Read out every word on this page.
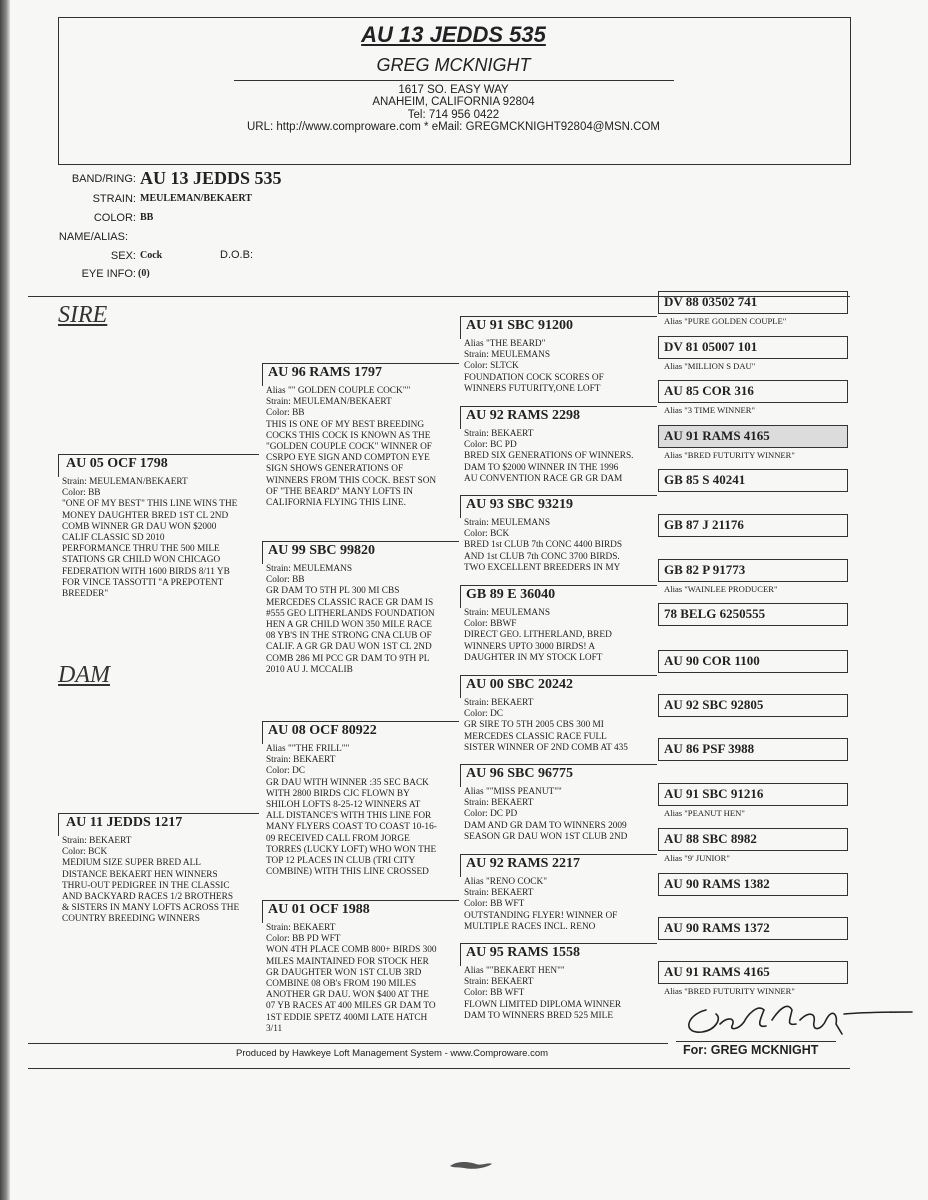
AU 13 JEDDS 535
GREG MCKNIGHT
1617 SO. EASY WAY
ANAHEIM, CALIFORNIA 92804
Tel: 714 956 0422
URL: http://www.comproware.com * eMail: GREGMCKNIGHT92804@MSN.COM
BAND/RING: AU 13 JEDDS 535
STRAIN: MEULEMAN/BEKAERT
COLOR: BB
NAME/ALIAS:
SEX: Cock	D.O.B:
EYE INFO: (0)
SIRE
DAM
AU 05 OCF 1798
Strain: MEULEMAN/BEKAERT
Color: BB
"ONE OF MY BEST" THIS LINE WINS THE
MONEY DAUGHTER BRED 1ST CL 2ND
COMB WINNER GR DAU WON $2000
CALIF CLASSIC SD 2010
PERFORMANCE THRU THE 500 MILE
STATIONS GR CHILD WON CHICAGO
FEDERATION WITH 1600 BIRDS 8/11 YB
FOR VINCE TASSOTTI "A PREPOTENT
BREEDER"
AU 11 JEDDS 1217
Strain: BEKAERT
Color: BCK
MEDIUM SIZE SUPER BRED ALL
DISTANCE BEKAERT HEN WINNERS
THRU-OUT PEDIGREE IN THE CLASSIC
AND BACKYARD RACES 1/2 BROTHERS
& SISTERS IN MANY LOFTS ACROSS THE
COUNTRY BREEDING WINNERS
AU 96 RAMS 1797
Alias "" GOLDEN COUPLE COCK""
Strain: MEULEMAN/BEKAERT
Color: BB
THIS IS ONE OF MY BEST BREEDING
COCKS THIS COCK IS KNOWN AS THE
"GOLDEN COUPLE COCK" WINNER OF
CSRPO EYE SIGN AND COMPTON EYE
SIGN SHOWS GENERATIONS OF
WINNERS FROM THIS COCK. BEST SON
OF "THE BEARD" MANY LOFTS IN
CALIFORNIA FLYING THIS LINE.
AU 99 SBC 99820
Strain: MEULEMANS
Color: BB
GR DAM TO 5TH PL 300 MI CBS
MERCEDES CLASSIC RACE GR DAM IS
#555 GEO LITHERLANDS FOUNDATION
HEN A GR CHILD WON 350 MILE RACE
08 YB'S IN THE STRONG CNA CLUB OF
CALIF. A GR GR DAU WON 1ST CL 2ND
COMB 286 MI PCC GR DAM TO 9TH PL
2010 AU J. MCCALIB
AU 08 OCF 80922
Alias ""THE FRILL""
Strain: BEKAERT
Color: DC
GR DAU WITH WINNER :35 SEC BACK
WITH 2800 BIRDS CJC FLOWN BY
SHILOH LOFTS 8-25-12 WINNERS AT
ALL DISTANCE'S WITH THIS LINE FOR
MANY FLYERS COAST TO COAST 10-16-
09 RECEIVED CALL FROM JORGE
TORRES (LUCKY LOFT) WHO WON THE
TOP 12 PLACES IN CLUB (TRI CITY
COMBINE) WITH THIS LINE CROSSED
AU 01 OCF 1988
Strain: BEKAERT
Color: BB PD WFT
WON 4TH PLACE COMB 800+ BIRDS 300
MILES MAINTAINED FOR STOCK HER
GR DAUGHTER WON 1ST CLUB 3RD
COMBINE 08 OB's FROM 190 MILES
ANOTHER GR DAU. WON $400 AT THE
07 YB RACES AT 400 MILES GR DAM TO
1ST EDDIE SPETZ 400MI LATE HATCH
3/11
AU 91 SBC 91200
Alias "THE BEARD"
Strain: MEULEMANS
Color: SLTCK
FOUNDATION COCK SCORES OF
WINNERS FUTURITY,ONE LOFT
AU 92 RAMS 2298
Strain: BEKAERT
Color: BC PD
BRED SIX GENERATIONS OF WINNERS.
DAM TO $2000 WINNER IN THE 1996
AU CONVENTION RACE GR GR DAM
AU 93 SBC 93219
Strain: MEULEMANS
Color: BCK
BRED 1st CLUB 7th CONC 4400 BIRDS
AND 1st CLUB 7th CONC 3700 BIRDS.
TWO EXCELLENT BREEDERS IN MY
GB 89 E 36040
Strain: MEULEMANS
Color: BBWF
DIRECT GEO. LITHERLAND, BRED
WINNERS UPTO 3000 BIRDS! A
DAUGHTER IN MY STOCK LOFT
AU 00 SBC 20242
Strain: BEKAERT
Color: DC
GR SIRE TO 5TH 2005 CBS 300 MI
MERCEDES CLASSIC RACE FULL
SISTER WINNER OF 2ND COMB AT 435
AU 96 SBC 96775
Alias ""MISS PEANUT""
Strain: BEKAERT
Color: DC PD
DAM AND GR DAM TO WINNERS 2009
SEASON GR DAU WON 1ST CLUB 2ND
AU 92 RAMS 2217
Alias "RENO COCK"
Strain: BEKAERT
Color: BB WFT
OUTSTANDING FLYER! WINNER OF
MULTIPLE RACES INCL. RENO
AU 95 RAMS 1558
Alias ""BEKAERT HEN""
Strain: BEKAERT
Color: BB WFT
FLOWN LIMITED DIPLOMA WINNER
DAM TO WINNERS BRED 525 MILE
DV 88 03502 741
Alias "PURE GOLDEN COUPLE"
DV 81 05007 101
Alias "MILLION S DAU"
AU 85 COR 316
Alias "3 TIME WINNER"
AU 91 RAMS 4165
Alias "BRED FUTURITY WINNER"
GB 85 S 40241
GB 87 J 21176
GB 82 P 91773
Alias "WAINLEE PRODUCER"
78 BELG 6250555
AU 90 COR 1100
AU 92 SBC 92805
AU 86 PSF 3988
AU 91 SBC 91216
Alias "PEANUT HEN"
AU 88 SBC 8982
Alias "9' JUNIOR"
AU 90 RAMS 1382
AU 90 RAMS 1372
AU 91 RAMS 4165
Alias "BRED FUTURITY WINNER"
Produced by Hawkeye Loft Management System - www.Comproware.com	For: GREG MCKNIGHT
